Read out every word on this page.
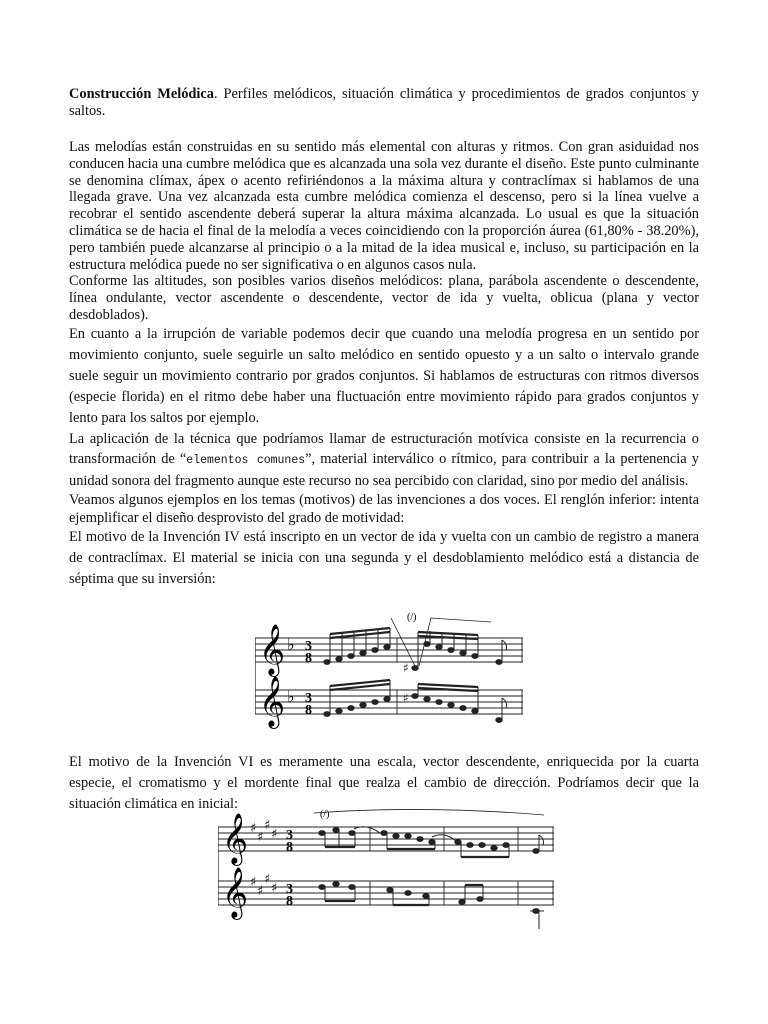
Construcción Melódica. Perfiles melódicos, situación climática y procedimientos de grados conjuntos y saltos.

Las melodías están construidas en su sentido más elemental con alturas y ritmos. Con gran asiduidad nos conducen hacia una cumbre melódica que es alcanzada una sola vez durante el diseño. Este punto culminante se denomina clímax, ápex o acento refiriéndonos a la máxima altura y contraclímax si hablamos de una llegada grave. Una vez alcanzada esta cumbre melódica comienza el descenso, pero si la línea vuelve a recobrar el sentido ascendente deberá superar la altura máxima alcanzada. Lo usual es que la situación climática se de hacia el final de la melodía a veces coincidiendo con la proporción áurea (61,80% - 38.20%), pero también puede alcanzarse al principio o a la mitad de la idea musical e, incluso, su participación en la estructura melódica puede no ser significativa o en algunos casos nula.

Conforme las altitudes, son posibles varios diseños melódicos: plana, parábola ascendente o descendente, línea ondulante, vector ascendente o descendente, vector de ida y vuelta, oblicua (plana y vector desdoblados).

En cuanto a la irrupción de variable podemos decir que cuando una melodía progresa en un sentido por movimiento conjunto, suele seguirle un salto melódico en sentido opuesto y a un salto o intervalo grande suele seguir un movimiento contrario por grados conjuntos. Si hablamos de estructuras con ritmos diversos (especie florida) en el ritmo debe haber una fluctuación entre movimiento rápido para grados conjuntos y lento para los saltos por ejemplo.

La aplicación de la técnica que podríamos llamar de estructuración motívica consiste en la recurrencia o transformación de “elementos comunes”, material interválico o rítmico, para contribuir a la pertenencia y unidad sonora del fragmento aunque este recurso no sea percibido con claridad, sino por medio del análisis.

Veamos algunos ejemplos en los temas (motivos) de las invenciones a dos voces. El renglón inferior: intenta ejemplificar el diseño desprovisto del grado de motividad:

El motivo de la Invención IV está inscripto en un vector de ida y vuelta con un cambio de registro a manera de contraclímax. El material se inicia con una segunda y el desdoblamiento melódico está a distancia de séptima que su inversión:

𝄞
𝄞
♭
♭
3
8
3
8
(/)
♯
♯

El motivo de la Invención VI es meramente una escala, vector descendente, enriquecida por la cuarta especie, el cromatismo y el mordente final que realza el cambio de dirección. Podríamos decir que la situación climática en inicial:

𝄞
𝄞
♯
♯
♯
♯
♯
♯
♯
♯
3
8
3
8
(/)
